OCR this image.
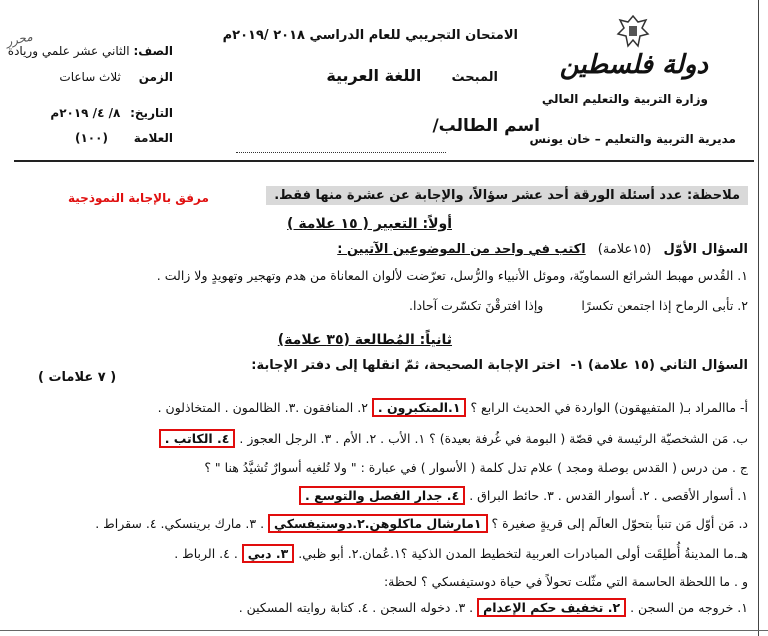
محرر
الصف: الثاني عشر علمي وريادة
الزمن ثلاث ساعات
التاريخ: ٨/ ٤/ ٢٠١٩م
العلامة (١٠٠)
الامتحان التجريبي للعام الدراسي ٢٠١٨ /٢٠١٩م
المبحث اللغة العربية
اسم الطالب/
دولة فلسطين
وزارة التربية والتعليم العالي
مديرية التربية والتعليم – خان يونس
ملاحظة: عدد أسئلة الورقة أحد عشر سؤالاً، والإجابة عن عشرة منها فقط.
مرفق بالإجابة النموذجية
أولاً: التعبير ( ١٥ علامة )
السؤال الأوّل (١٥علامة) اكتب في واحد من الموضوعين الآتيين :
١. القُدس مهبط الشرائع السماويّة، وموئل الأنبياء والرُّسل، تعرّضت لألوان المعاناة من هدم وتهجير وتهويدٍ ولا زالت .
٢. تأبى الرماح إذا اجتمعن تكسرًا وإذا افترقْنَ تكسّرت آحادا.
ثانياً: المُطالعة (٣٥ علامة)
السؤال الثاني (١٥ علامة) ١- اختر الإجابة الصحيحة، ثمّ انقلها إلى دفتر الإجابة:
( ٧ علامات )
أ- ماالمراد بـ( المتفيهقون) الواردة في الحديث الرابع ؟ ١.المتكبرون . ٢. المنافقون .٣. الظالمون . المتخاذلون .
ب. مَن الشخصيّة الرئيسة في قصّة ( البومة في غُرفة بعيدة) ؟ ١. الأب . ٢. الأم . ٣. الرجل العجوز . ٤. الكاتب .
ج . من درس ( القدس بوصلة ومجد ) علام تدل كلمة ( الأسوار ) في عبارة : " ولا تُلغيه أسوارٌ تُشيَّدُ هنا " ؟
١. أسوار الأقصى . ٢. أسوار القدس . ٣. حائط البراق . ٤. جدار الفصل والتوسع .
د. مَن أوّل مَن تنبأ بتحوّل العالَم إلى قريةٍ صغيرة ؟ ١مارشال ماكلوهن.٢.دوستيفسكي . ٣. مارك برينسكي. ٤. سقراط .
هـ.ما المدينةُ أُطلِقَت أولى المبادرات العربية لتخطيط المدن الذكية ؟١.عُمان.٢. أبو ظبي. ٣. دبي . ٤. الرباط .
و . ما اللحظة الحاسمة التي مثّلت تحولاً في حياة دوستيفسكي ؟ لحظة:
١. خروجه من السجن . ٢. تخفيف حكم الإعدام . ٣. دخوله السجن . ٤. كتابة روايته المسكين .
